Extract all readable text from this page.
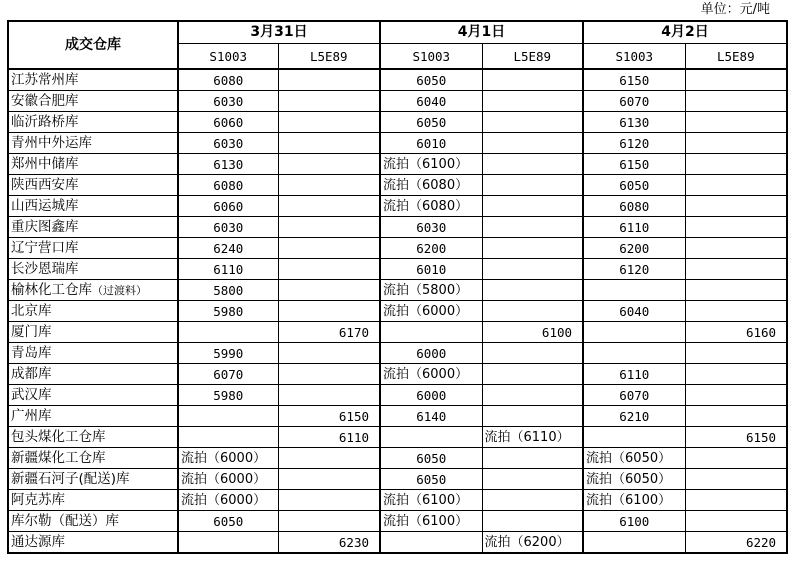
单位：元/吨
成交仓库	3月31日		4月1日		4月2日	
	S1003	L5E89	S1003	L5E89	S1003	L5E89
江苏常州库	6080		6050		6150	
安徽合肥库	6030		6040		6070	
临沂路桥库	6060		6050		6130	
青州中外运库	6030		6010		6120	
郑州中储库	6130		流拍（6100）		6150	
陕西西安库	6080		流拍（6080）		6050	
山西运城库	6060		流拍（6080）		6080	
重庆图鑫库	6030		6030		6110	
辽宁营口库	6240		6200		6200	
长沙恩瑞库	6110		6010		6120	
榆林化工仓库（过渡料）	5800		流拍（5800）			
北京库	5980		流拍（6000）		6040	
厦门库		6170		6100		6160
青岛库	5990		6000			
成都库	6070		流拍（6000）		6110	
武汉库	5980		6000		6070	
广州库		6150	6140		6210	
包头煤化工仓库		6110		流拍（6110）		6150
新疆煤化工仓库	流拍（6000）		6050		流拍（6050）	
新疆石河子(配送)库	流拍（6000）		6050		流拍（6050）	
阿克苏库	流拍（6000）		流拍（6100）		流拍（6100）	
库尔勒（配送）库	6050		流拍（6100）		6100	
通达源库		6230		流拍（6200）		6220
